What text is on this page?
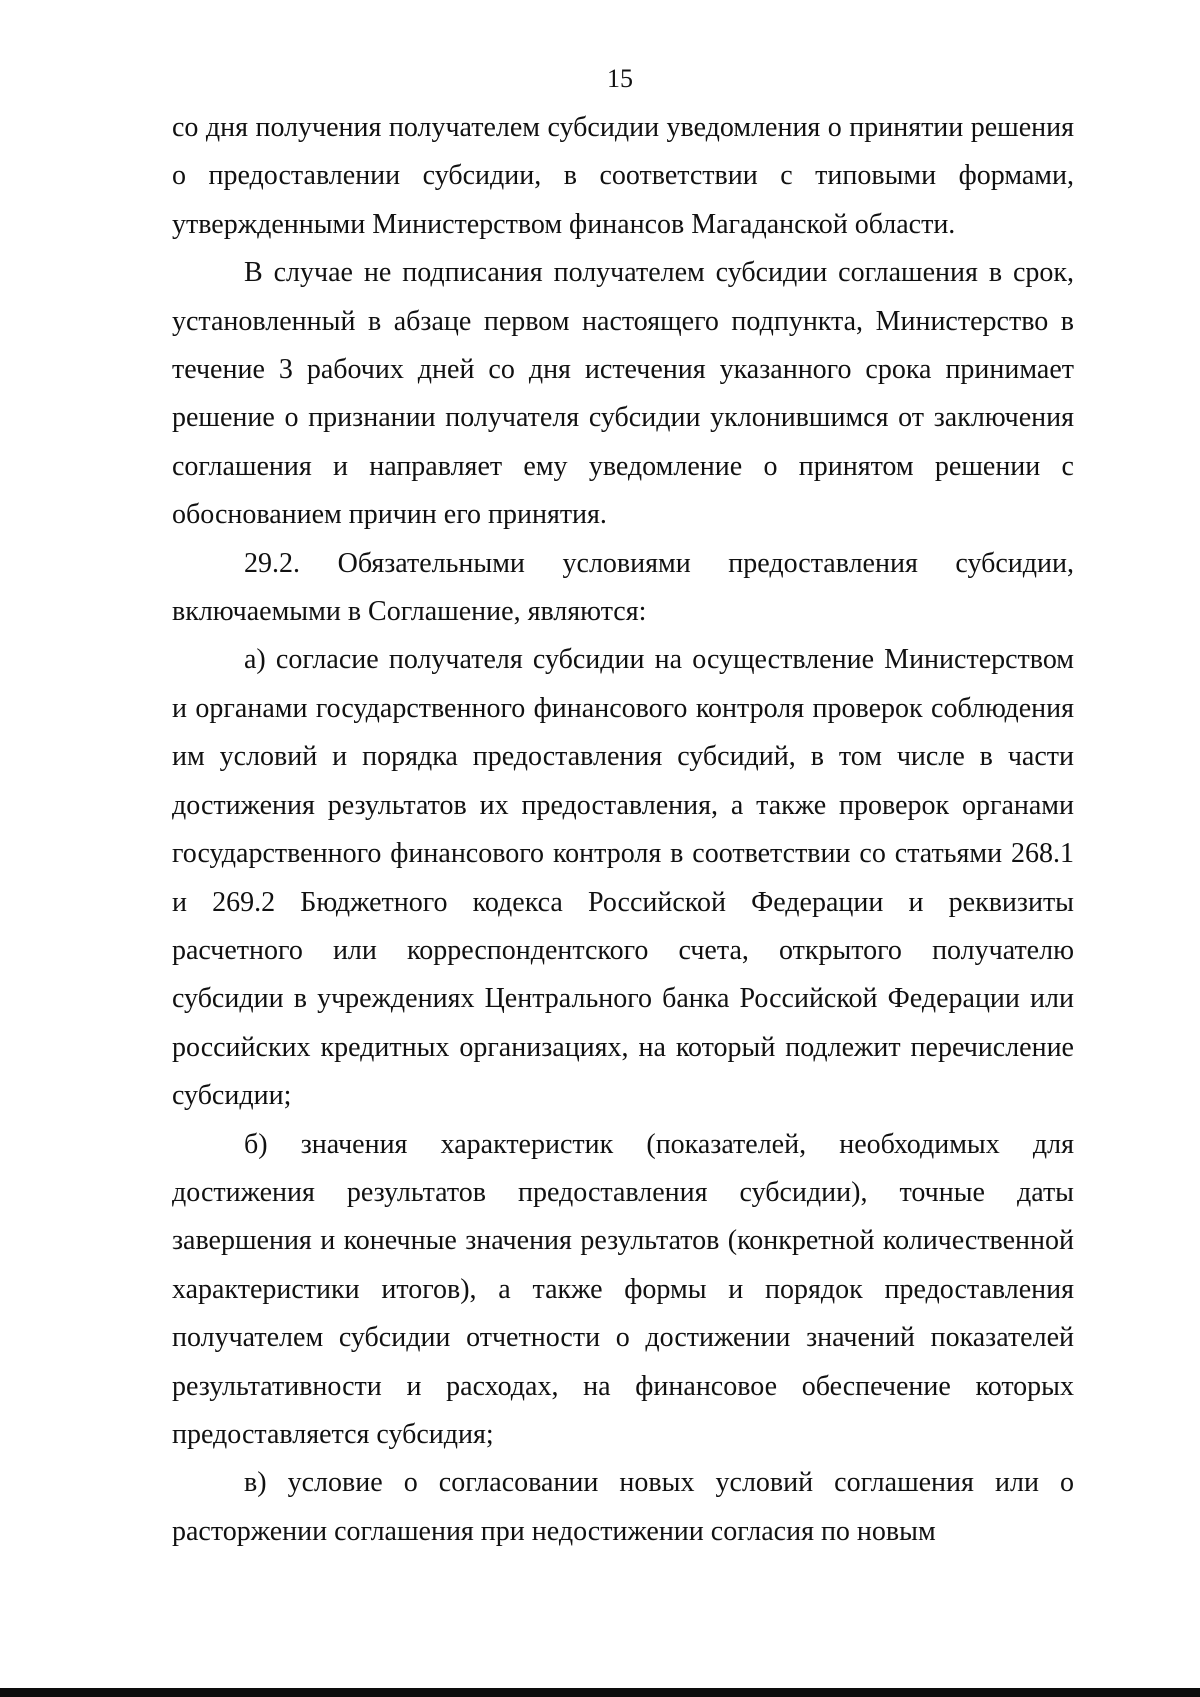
15

со дня получения получателем субсидии уведомления о принятии решения о предоставлении субсидии, в соответствии с типовыми формами, утвержденными Министерством финансов Магаданской области.

В случае не подписания получателем субсидии соглашения в срок, установленный в абзаце первом настоящего подпункта, Министерство в течение 3 рабочих дней со дня истечения указанного срока принимает решение о признании получателя субсидии уклонившимся от заключения соглашения и направляет ему уведомление о принятом решении с обоснованием причин его принятия.

29.2. Обязательными условиями предоставления субсидии, включаемыми в Соглашение, являются:

а) согласие получателя субсидии на осуществление Министерством и органами государственного финансового контроля проверок соблюдения им условий и порядка предоставления субсидий, в том числе в части достижения результатов их предоставления, а также проверок органами государственного финансового контроля в соответствии со статьями 268.1 и 269.2 Бюджетного кодекса Российской Федерации и реквизиты расчетного или корреспондентского счета, открытого получателю субсидии в учреждениях Центрального банка Российской Федерации или российских кредитных организациях, на который подлежит перечисление субсидии;

б) значения характеристик (показателей, необходимых для достижения результатов предоставления субсидии), точные даты завершения и конечные значения результатов (конкретной количественной характеристики итогов), а также формы и порядок предоставления получателем субсидии отчетности о достижении значений показателей результативности и расходах, на финансовое обеспечение которых предоставляется субсидия;

в) условие о согласовании новых условий соглашения или о расторжении соглашения при недостижении согласия по новым
